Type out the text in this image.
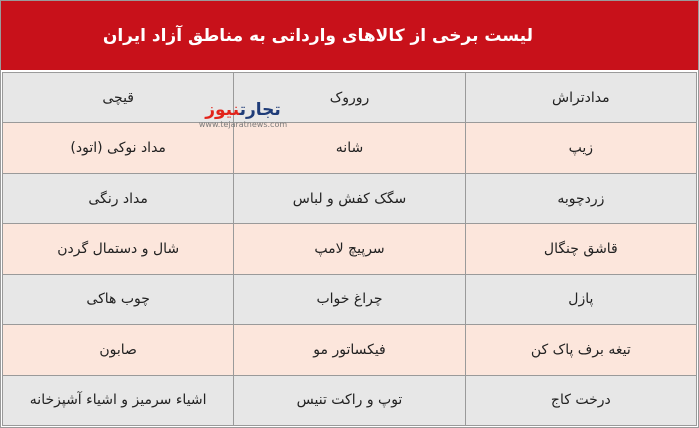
لیست برخی از کالاهای وارداتی به مناطق آزاد ایران
مدادتراش	روروک	قیچی
زیپ	شانه	مداد نوکی (اتود)
زردچوبه	سگک کفش و لباس	مداد رنگی
قاشق چنگال	سرپیچ لامپ	شال و دستمال گردن
پازل	چراغ خواب	چوب هاکی
تیغه برف پاک کن	فیکساتور مو	صابون
درخت کاج	توپ و راکت تنیس	اشیاء سرمیز و اشیاء آشپزخانه
تجارتنیوز
www.tejaratnews.com
